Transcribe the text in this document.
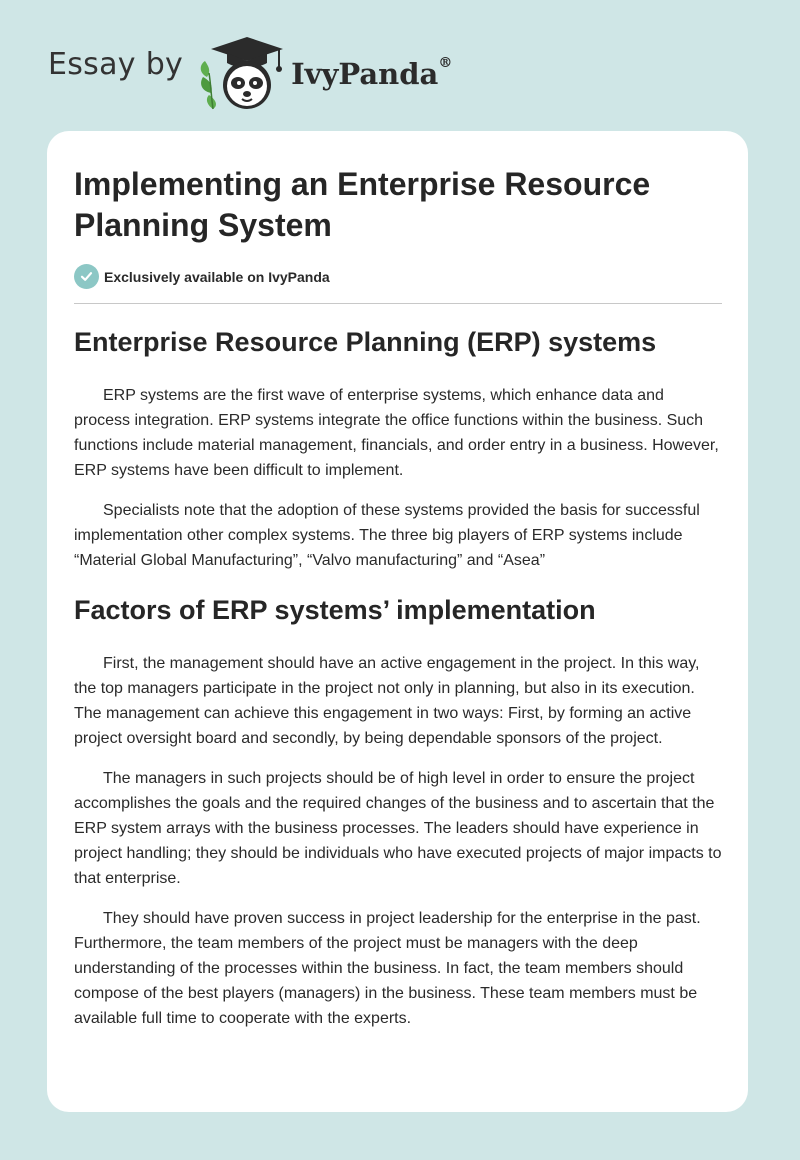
Essay by	IvyPanda®
Implementing an Enterprise Resource Planning System
Exclusively available on IvyPanda
Enterprise Resource Planning (ERP) systems

ERP systems are the first wave of enterprise systems, which enhance data and process integration. ERP systems integrate the office functions within the business. Such functions include material management, financials, and order entry in a business. However, ERP systems have been difficult to implement.

Specialists note that the adoption of these systems provided the basis for successful implementation other complex systems. The three big players of ERP systems include “Material Global Manufacturing”, “Valvo manufacturing” and “Asea”

Factors of ERP systems’ implementation

First, the management should have an active engagement in the project. In this way, the top managers participate in the project not only in planning, but also in its execution. The management can achieve this engagement in two ways: First, by forming an active project oversight board and secondly, by being dependable sponsors of the project.

The managers in such projects should be of high level in order to ensure the project accomplishes the goals and the required changes of the business and to ascertain that the ERP system arrays with the business processes. The leaders should have experience in project handling; they should be individuals who have executed projects of major impacts to that enterprise.

They should have proven success in project leadership for the enterprise in the past. Furthermore, the team members of the project must be managers with the deep understanding of the processes within the business. In fact, the team members should compose of the best players (managers) in the business. These team members must be available full time to cooperate with the experts.
